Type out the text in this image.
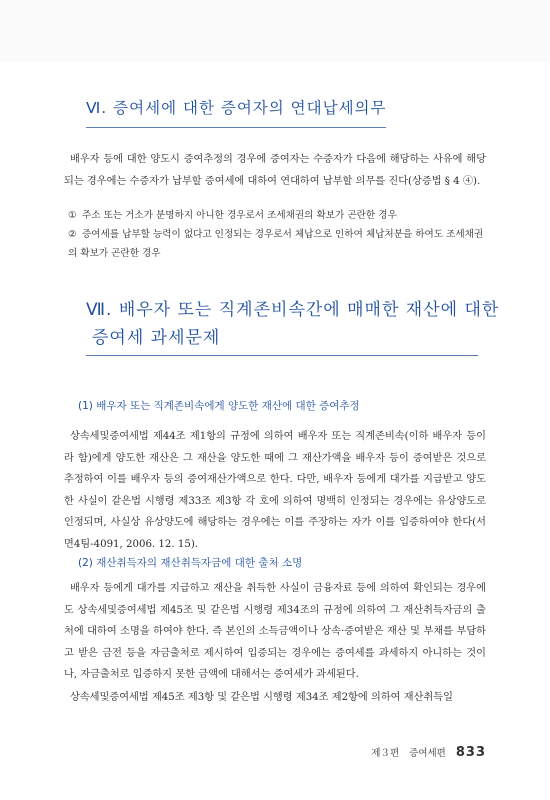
Ⅵ. 증여세에 대한 증여자의 연대납세의무

배우자 등에 대한 양도시 증여추정의 경우에 증여자는 수증자가 다음에 해당하는 사유에 해당되는 경우에는 수증자가 납부할 증여세에 대하여 연대하여 납부할 의무를 진다(상증법 § 4 ④).

① 주소 또는 거소가 분명하지 아니한 경우로서 조세채권의 확보가 곤란한 경우
② 증여세를 납부할 능력이 없다고 인정되는 경우로서 체납으로 인하여 체납처분을 하여도 조세채권의 확보가 곤란한 경우
Ⅶ. 배우자 또는 직계존비속간에 매매한 재산에 대한
증여세 과세문제
(1) 배우자 또는 직계존비속에게 양도한 재산에 대한 증여추정

상속세및증여세법 제44조 제1항의 규정에 의하여 배우자 또는 직계존비속(이하 배우자 등이라 함)에게 양도한 재산은 그 재산을 양도한 때에 그 재산가액을 배우자 등이 증여받은 것으로 추정하여 이를 배우자 등의 증여재산가액으로 한다. 다만, 배우자 등에게 대가를 지급받고 양도한 사실이 같은법 시행령 제33조 제3항 각 호에 의하여 명백히 인정되는 경우에는 유상양도로 인정되며, 사실상 유상양도에 해당하는 경우에는 이를 주장하는 자가 이를 입증하여야 한다(서면4팀-4091, 2006. 12. 15).

(2) 재산취득자의 재산취득자금에 대한 출처 소명

배우자 등에게 대가를 지급하고 재산을 취득한 사실이 금융자료 등에 의하여 확인되는 경우에도 상속세및증여세법 제45조 및 같은법 시행령 제34조의 규정에 의하여 그 재산취득자금의 출처에 대하여 소명을 하여야 한다. 즉 본인의 소득금액이나 상속·증여받은 재산 및 부채를 부담하고 받은 금전 등을 자금출처로 제시하여 입증되는 경우에는 증여세를 과세하지 아니하는 것이나, 자금출처로 입증하지 못한 금액에 대해서는 증여세가 과세된다.

상속세및증여세법 제45조 제3항 및 같은법 시행령 제34조 제2항에 의하여 재산취득일

제３편 증여세편 833
